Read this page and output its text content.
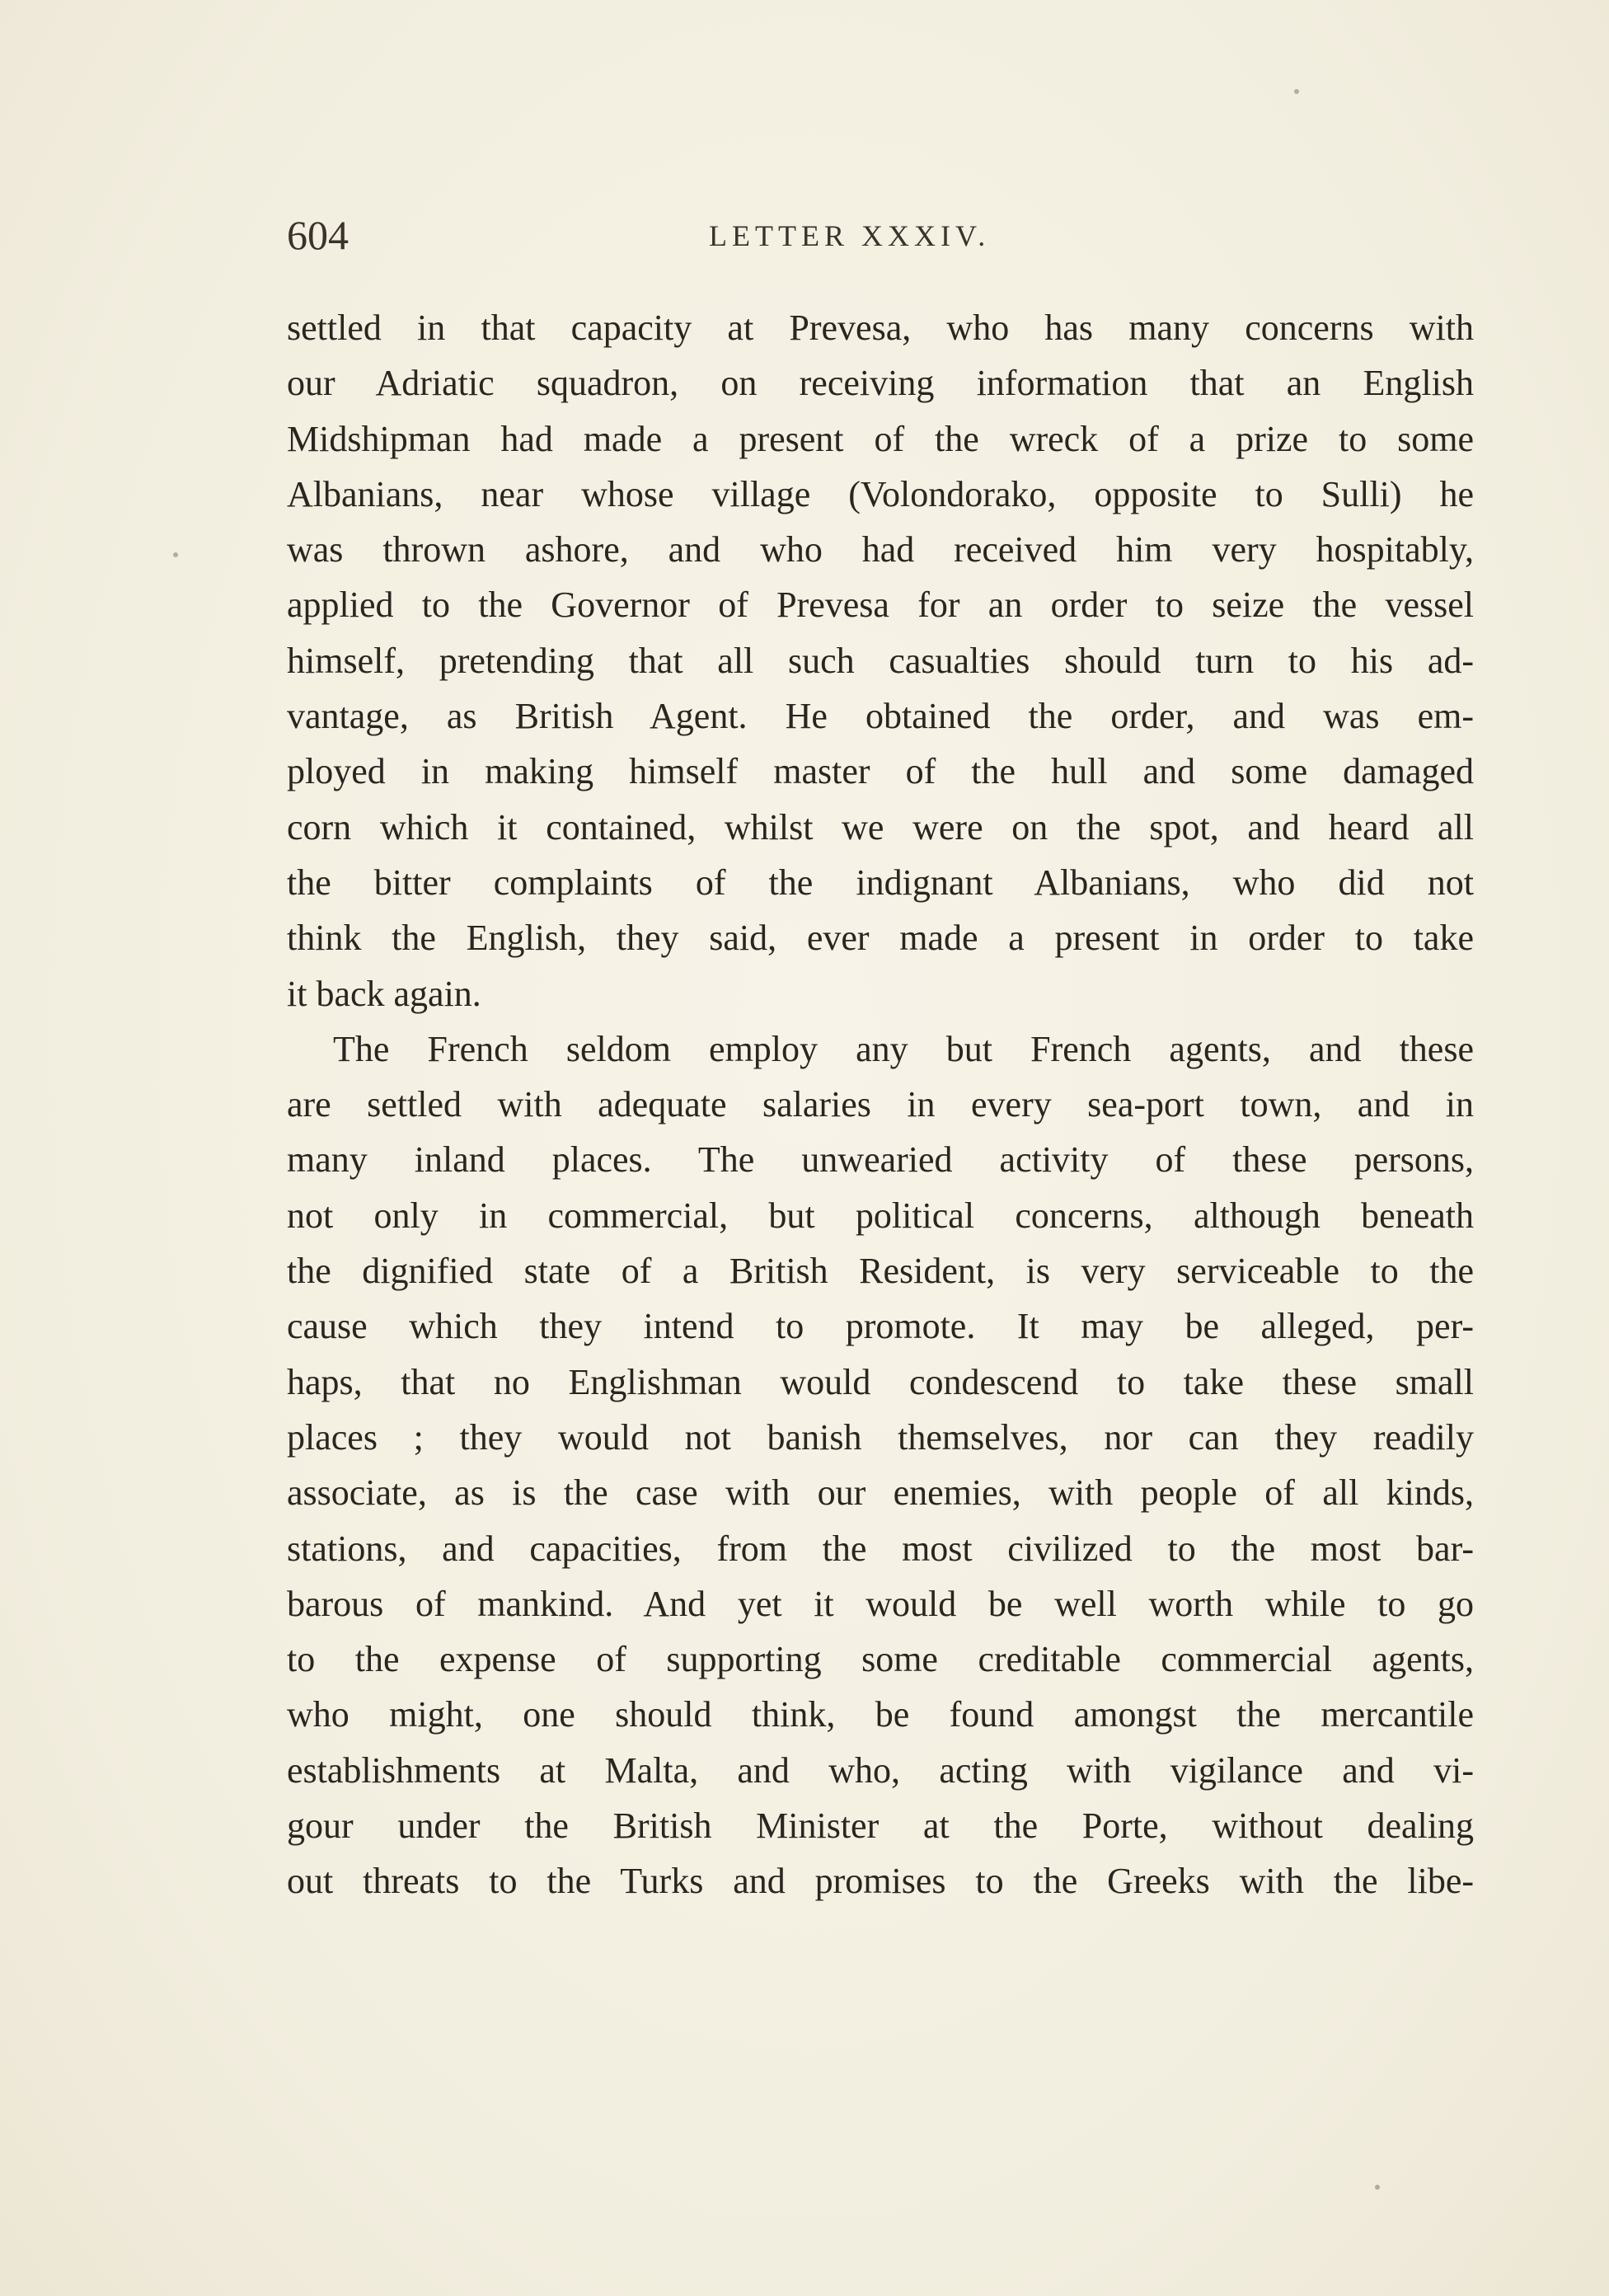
604	LETTER XXXIV.
settled in that capacity at Prevesa, who has many concerns with
our Adriatic squadron, on receiving information that an English
Midshipman had made a present of the wreck of a prize to some
Albanians, near whose village (Volondorako, opposite to Sulli) he
was thrown ashore, and who had received him very hospitably,
applied to the Governor of Prevesa for an order to seize the vessel
himself, pretending that all such casualties should turn to his ad-
vantage, as British Agent. He obtained the order, and was em-
ployed in making himself master of the hull and some damaged
corn which it contained, whilst we were on the spot, and heard all
the bitter complaints of the indignant Albanians, who did not
think the English, they said, ever made a present in order to take
it back again.
The French seldom employ any but French agents, and these
are settled with adequate salaries in every sea-port town, and in
many inland places. The unwearied activity of these persons,
not only in commercial, but political concerns, although beneath
the dignified state of a British Resident, is very serviceable to the
cause which they intend to promote. It may be alleged, per-
haps, that no Englishman would condescend to take these small
places ; they would not banish themselves, nor can they readily
associate, as is the case with our enemies, with people of all kinds,
stations, and capacities, from the most civilized to the most bar-
barous of mankind. And yet it would be well worth while to go
to the expense of supporting some creditable commercial agents,
who might, one should think, be found amongst the mercantile
establishments at Malta, and who, acting with vigilance and vi-
gour under the British Minister at the Porte, without dealing
out threats to the Turks and promises to the Greeks with the libe-
